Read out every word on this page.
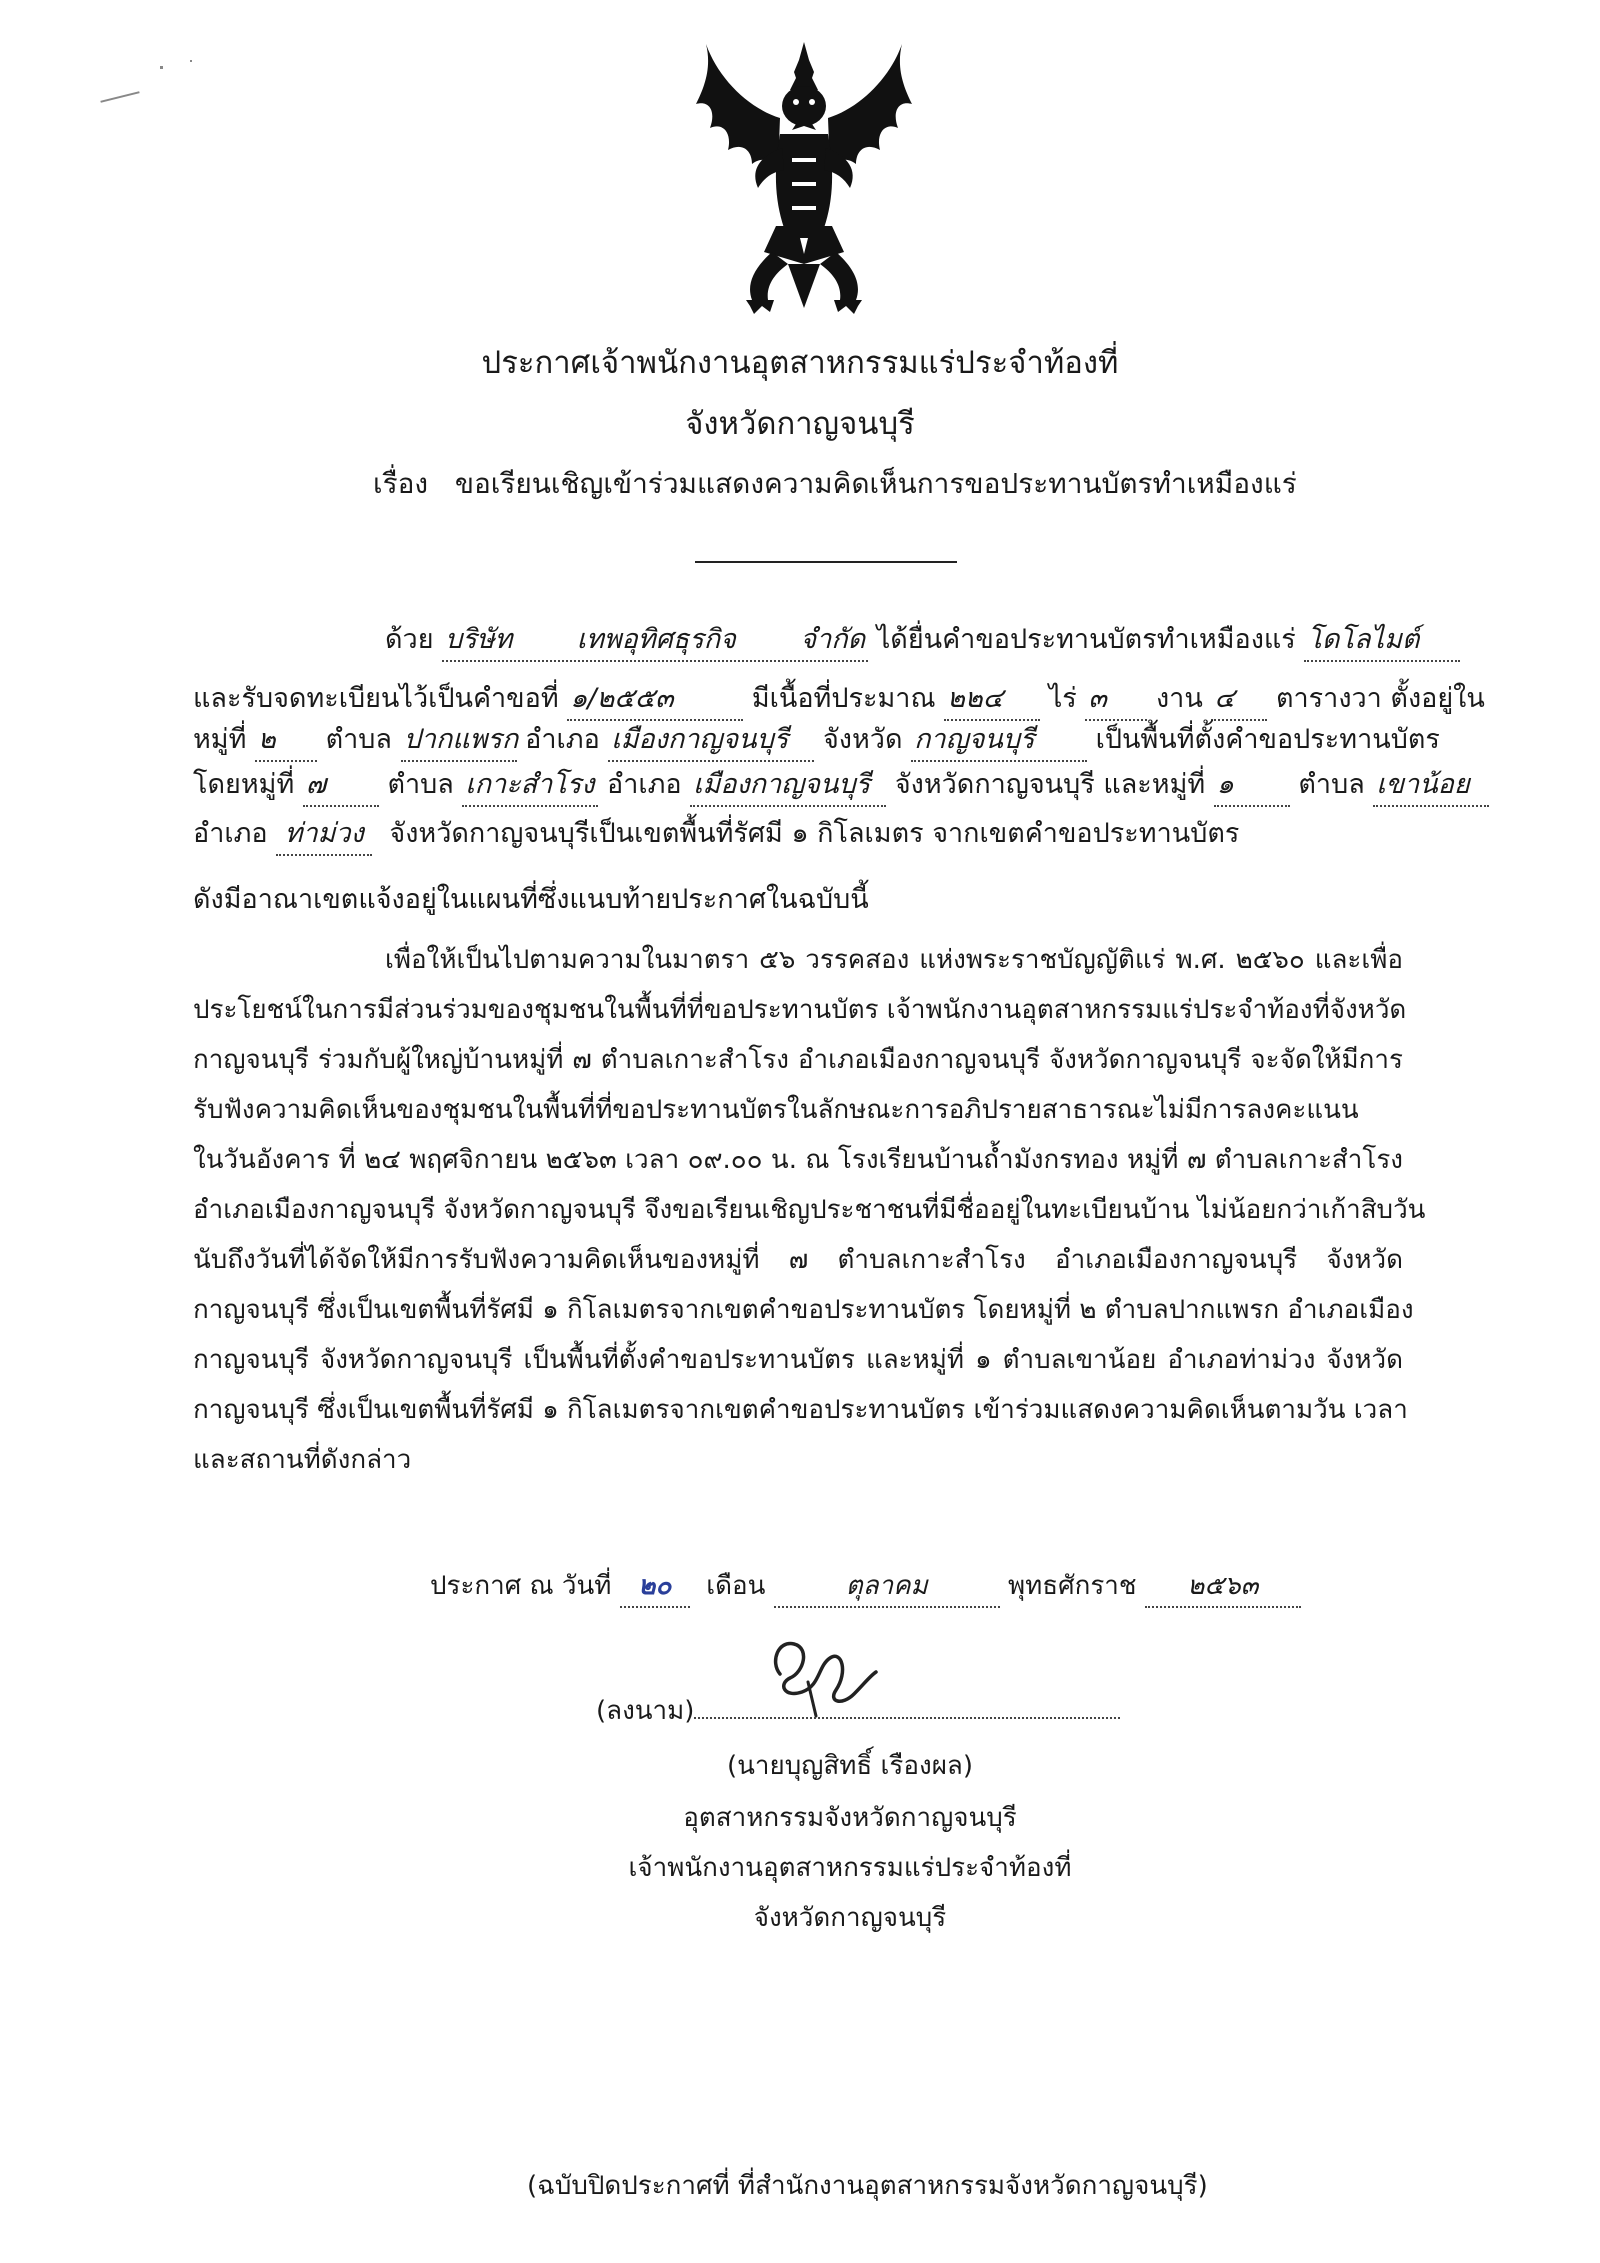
ประกาศเจ้าพนักงานอุตสาหกรรมแร่ประจำท้องที่
จังหวัดกาญจนบุรี
เรื่อง ขอเรียนเชิญเข้าร่วมแสดงความคิดเห็นการขอประทานบัตรทำเหมืองแร่
ด้วย บริษัท เทพอุทิศธุรกิจ จำกัด ได้ยื่นคำขอประทานบัตรทำเหมืองแร่ โดโลไมต์
และรับจดทะเบียนไว้เป็นคำขอที่ ๑/๒๕๕๓	มีเนื้อที่ประมาณ ๒๒๔ ไร่ ๓ งาน ๔ ตารางวา ตั้งอยู่ใน
หมู่ที่ ๒ ตำบล ปากแพรก อำเภอ เมืองกาญจนบุรี จังหวัด กาญจนบุรี เป็นพื้นที่ตั้งคำขอประทานบัตร
โดยหมู่ที่ ๗ ตำบล เกาะสำโรง อำเภอ เมืองกาญจนบุรี จังหวัดกาญจนบุรี และหมู่ที่ ๑ ตำบล เขาน้อย
อำเภอ ท่าม่วง จังหวัดกาญจนบุรีเป็นเขตพื้นที่รัศมี ๑ กิโลเมตร จากเขตคำขอประทานบัตร
ดังมีอาณาเขตแจ้งอยู่ในแผนที่ซึ่งแนบท้ายประกาศในฉบับนี้
เพื่อให้เป็นไปตามความในมาตรา ๕๖ วรรคสอง แห่งพระราชบัญญัติแร่ พ.ศ. ๒๕๖๐ และเพื่อ
ประโยชน์ในการมีส่วนร่วมของชุมชนในพื้นที่ที่ขอประทานบัตร เจ้าพนักงานอุตสาหกรรมแร่ประจำท้องที่จังหวัด
กาญจนบุรี ร่วมกับผู้ใหญ่บ้านหมู่ที่ ๗ ตำบลเกาะสำโรง อำเภอเมืองกาญจนบุรี จังหวัดกาญจนบุรี จะจัดให้มีการ
รับฟังความคิดเห็นของชุมชนในพื้นที่ที่ขอประทานบัตรในลักษณะการอภิปรายสาธารณะไม่มีการลงคะแนน
ในวันอังคาร ที่ ๒๔ พฤศจิกายน ๒๕๖๓ เวลา ๐๙.๐๐ น. ณ โรงเรียนบ้านถ้ำมังกรทอง หมู่ที่ ๗ ตำบลเกาะสำโรง
อำเภอเมืองกาญจนบุรี จังหวัดกาญจนบุรี จึงขอเรียนเชิญประชาชนที่มีชื่ออยู่ในทะเบียนบ้าน ไม่น้อยกว่าเก้าสิบวัน
นับถึงวันที่ได้จัดให้มีการรับฟังความคิดเห็นของหมู่ที่ ๗ ตำบลเกาะสำโรง อำเภอเมืองกาญจนบุรี จังหวัด
กาญจนบุรี ซึ่งเป็นเขตพื้นที่รัศมี ๑ กิโลเมตรจากเขตคำขอประทานบัตร โดยหมู่ที่ ๒ ตำบลปากแพรก อำเภอเมือง
กาญจนบุรี จังหวัดกาญจนบุรี เป็นพื้นที่ตั้งคำขอประทานบัตร และหมู่ที่ ๑ ตำบลเขาน้อย อำเภอท่าม่วง จังหวัด
กาญจนบุรี ซึ่งเป็นเขตพื้นที่รัศมี ๑ กิโลเมตรจากเขตคำขอประทานบัตร เข้าร่วมแสดงความคิดเห็นตามวัน เวลา
และสถานที่ดังกล่าว
ประกาศ ณ วันที่ ๒๐ เดือน	ตุลาคม	พุทธศักราช ๒๕๖๓
(ลงนาม)
(นายบุญสิทธิ์ เรืองผล)
อุตสาหกรรมจังหวัดกาญจนบุรี
เจ้าพนักงานอุตสาหกรรมแร่ประจำท้องที่
จังหวัดกาญจนบุรี
(ฉบับปิดประกาศที่ ที่สำนักงานอุตสาหกรรมจังหวัดกาญจนบุรี)
